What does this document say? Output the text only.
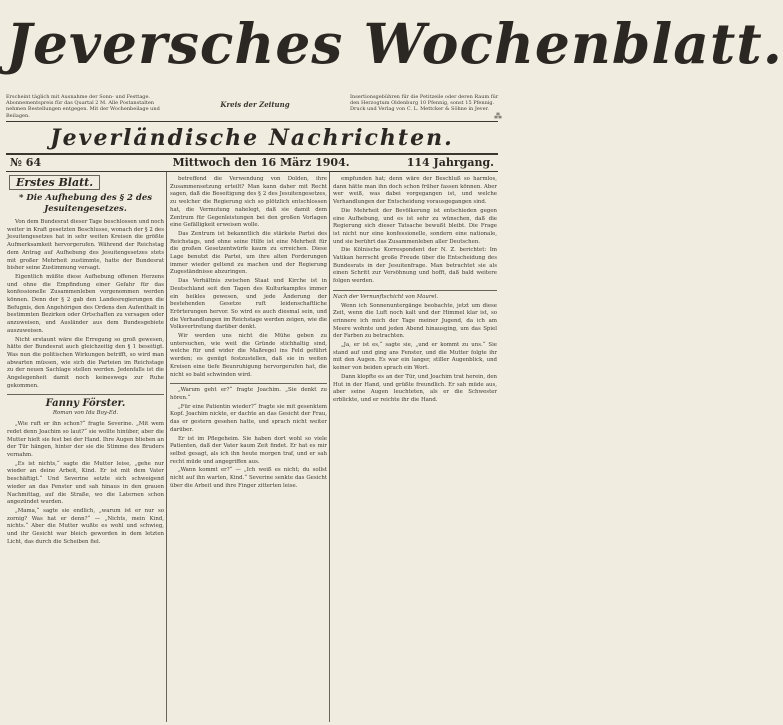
Jeversches Wochenblatt.
⁂
Erscheint täglich mit Ausnahme der Sonn- und Festtage. Abonnementspreis für das Quartal 2 M. Alle Postanstalten nehmen Bestellungen entgegen. Mit der Wochenbeilage und Beilagen.
Kreis der Zeitung
Insertionsgebühren für die Petitzeile oder deren Raum für den Herzogtum Oldenburg 10 Pfennig, sonst 15 Pfennig. Druck und Verlag von C. L. Mettcker & Söhne in Jever.
Jeverländische Nachrichten.
№ 64	Mittwoch den 16 März 1904.	114 Jahrgang.
Erstes Blatt.
* Die Aufhebung des § 2 des Jesuitengesetzes.

Von dem Bundesrat dieser Tage beschlossen und noch weiter in Kraft gesetzten Beschlusse, wonach der § 2 des Jesuitengesetzes hat in sehr weiten Kreisen die größte Aufmerksamkeit hervorgerufen. Während der Reichstag dem Antrag auf Aufhebung des Jesuitengesetzes stets mit großer Mehrheit zustimmte, hatte der Bundesrat bisher seine Zustimmung versagt.

Eigentlich müßte diese Aufhebung offenen Herzens und ohne die Empfindung einer Gefahr für das konfessionelle Zusammenleben vorgenommen werden können. Denn der § 2 gab den Landesregierungen die Befugnis, den Angehörigen des Ordens den Aufenthalt in bestimmten Bezirken oder Ortschaften zu versagen oder anzuweisen, und Ausländer aus dem Bundesgebiete auszuweisen.

Nicht erstaunt wäre die Erregung so groß gewesen, hätte der Bundesrat auch gleichzeitig den § 1 beseitigt. Was nun die politischen Wirkungen betrifft, so wird man abwarten müssen, wie sich die Parteien im Reichstage zu der neuen Sachlage stellen werden. Jedenfalls ist die Angelegenheit damit noch keineswegs zur Ruhe gekommen.

Fanny Förster.
Roman von Ida Boy-Ed.

„Wie ruft er ihn schon?“ fragte Severine. „Mit wem redet denn Joachim so laut?“ sie wollte hinüber, aber die Mutter hielt sie fest bei der Hand. Ihre Augen blieben an der Tür hängen, hinter der sie die Stimme des Bruders vernahm.

„Es ist nichts,“ sagte die Mutter leise, „gehe nur wieder an deine Arbeit, Kind. Er ist mit dem Vater beschäftigt.“ Und Severine setzte sich schweigend wieder an das Fenster und sah hinaus in den grauen Nachmittag, auf die Straße, wo die Laternen schon angezündet wurden.

„Mama,“ sagte sie endlich, „warum ist er nur so zornig? Was hat er denn?“ — „Nichts, mein Kind, nichts.“ Aber die Mutter wußte es wohl und schwieg, und ihr Gesicht war bleich geworden in dem letzten Licht, das durch die Scheiben fiel.

betreffend die Verwendung von Dolden, ihre Zusammensetzung erteilt? Man kann daher mit Recht sagen, daß die Beseitigung des § 2 des Jesuitengesetzes, zu welcher die Regierung sich so plötzlich entschlossen hat, die Vermutung nahelegt, daß sie damit dem Zentrum für Gegenleistungen bei den großen Vorlagen eine Gefälligkeit erweisen wolle.

Das Zentrum ist bekanntlich die stärkste Partei des Reichstags, und ohne seine Hilfe ist eine Mehrheit für die großen Gesetzentwürfe kaum zu erreichen. Diese Lage benutzt die Partei, um ihre alten Forderungen immer wieder geltend zu machen und der Regierung Zugeständnisse abzuringen.

Das Verhältnis zwischen Staat und Kirche ist in Deutschland seit den Tagen des Kulturkampfes immer ein heikles gewesen, und jede Änderung der bestehenden Gesetze ruft leidenschaftliche Erörterungen hervor. So wird es auch diesmal sein, und die Verhandlungen im Reichstage werden zeigen, wie die Volksvertretung darüber denkt.

Wir werden uns nicht die Mühe geben zu untersuchen, wie weit die Gründe stichhaltig sind, welche für und wider die Maßregel ins Feld geführt werden; es genügt festzustellen, daß sie in weiten Kreisen eine tiefe Beunruhigung hervorgerufen hat, die nicht so bald schwinden wird.

„Warum geht er?“ fragte Joachim. „Sie denkt zu hören.“

„Für eine Patientin wieder?“ fragte sie mit gesenktem Kopf. Joachim nickte, er dachte an das Gesicht der Frau, das er gestern gesehen hatte, und sprach nicht weiter darüber.

Er ist im Pflegeheim. Sie haben dort wohl so viele Patienten, daß der Vater kaum Zeit findet. Er hat es mir selbst gesagt, als ich ihn heute morgen traf, und er sah recht müde und angegriffen aus.

„Wann kommt er?“ — „Ich weiß es nicht; du sollst nicht auf ihn warten, Kind.“ Severine senkte das Gesicht über die Arbeit und ihre Finger zitterten leise.

empfunden hat; denn wäre der Beschluß so harmlos, dann hätte man ihn doch schon früher fassen können. Aber wer weiß, was dabei vorgegangen ist, und welche Verhandlungen der Entscheidung vorausgegangen sind.

Die Mehrheit der Bevölkerung ist entschieden gegen eine Aufhebung, und es ist sehr zu wünschen, daß die Regierung sich dieser Tatsache bewußt bleibt. Die Frage ist nicht nur eine konfessionelle, sondern eine nationale, und sie berührt das Zusammenleben aller Deutschen.

Die Kölnische Korrespondent der N. Z. berichtet: Im Vatikan herrscht große Freude über die Entscheidung des Bundesrats in der Jesuitenfrage. Man betrachtet sie als einen Schritt zur Versöhnung und hofft, daß bald weitere folgen werden.

Nach der Vernunftschicht von Maurel.

Wenn ich Sonnenuntergänge beobachte, jetzt um diese Zeit, wenn die Luft noch kalt und der Himmel klar ist, so erinnere ich mich der Tage meiner Jugend, da ich am Meere wohnte und jeden Abend hinausging, um das Spiel der Farben zu betrachten.

„Ja, er ist es,“ sagte sie, „und er kommt zu uns.“ Sie stand auf und ging ans Fenster, und die Mutter folgte ihr mit den Augen. Es war ein langer, stiller Augenblick, und keiner von beiden sprach ein Wort.

Dann klopfte es an der Tür, und Joachim trat herein, den Hut in der Hand, und grüßte freundlich. Er sah müde aus, aber seine Augen leuchteten, als er die Schwester erblickte, und er reichte ihr die Hand.
